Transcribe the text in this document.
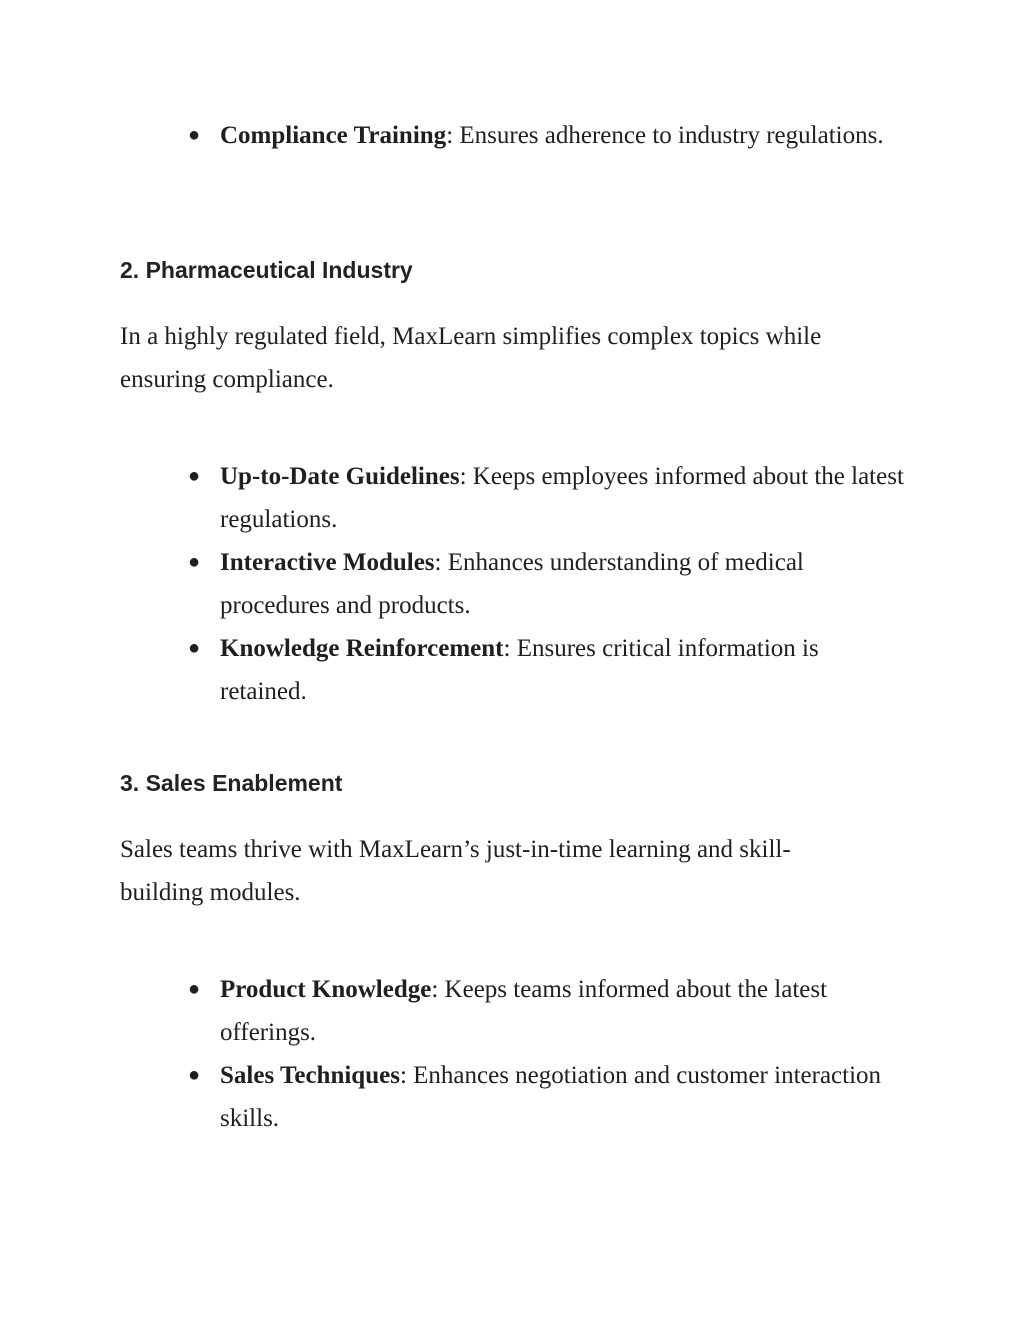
● Compliance Training: Ensures adherence to industry regulations.
2. Pharmaceutical Industry

In a highly regulated field, MaxLearn simplifies complex topics while ensuring compliance.

● Up-to-Date Guidelines: Keeps employees informed about the latest regulations.
● Interactive Modules: Enhances understanding of medical procedures and products.
● Knowledge Reinforcement: Ensures critical information is retained.
3. Sales Enablement

Sales teams thrive with MaxLearn’s just-in-time learning and skill-building modules.

● Product Knowledge: Keeps teams informed about the latest offerings.
● Sales Techniques: Enhances negotiation and customer interaction skills.
